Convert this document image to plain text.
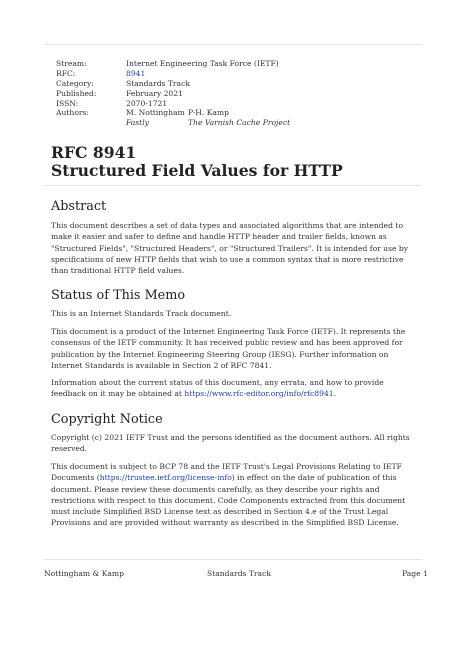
Stream:	Internet Engineering Task Force (IETF)
RFC:	8941
Category:	Standards Track
Published:	February 2021
ISSN:	2070-1721
Authors:	M. Nottingham P-H. Kamp
Fastly	The Varnish Cache Project
RFC 8941
Structured Field Values for HTTP
Abstract

This document describes a set of data types and associated algorithms that are intended to make it easier and safer to define and handle HTTP header and trailer fields, known as "Structured Fields", "Structured Headers", or "Structured Trailers". It is intended for use by specifications of new HTTP fields that wish to use a common syntax that is more restrictive than traditional HTTP field values.

Status of This Memo

This is an Internet Standards Track document.

This document is a product of the Internet Engineering Task Force (IETF). It represents the consensus of the IETF community. It has received public review and has been approved for publication by the Internet Engineering Steering Group (IESG). Further information on Internet Standards is available in Section 2 of RFC 7841.

Information about the current status of this document, any errata, and how to provide feedback on it may be obtained at https://www.rfc-editor.org/info/rfc8941.

Copyright Notice

Copyright (c) 2021 IETF Trust and the persons identified as the document authors. All rights reserved.

This document is subject to BCP 78 and the IETF Trust's Legal Provisions Relating to IETF Documents (https://trustee.ietf.org/license-info) in effect on the date of publication of this document. Please review these documents carefully, as they describe your rights and restrictions with respect to this document. Code Components extracted from this document must include Simplified BSD License text as described in Section 4.e of the Trust Legal Provisions and are provided without warranty as described in the Simplified BSD License.

Nottingham & Kamp	Standards Track	Page 1
